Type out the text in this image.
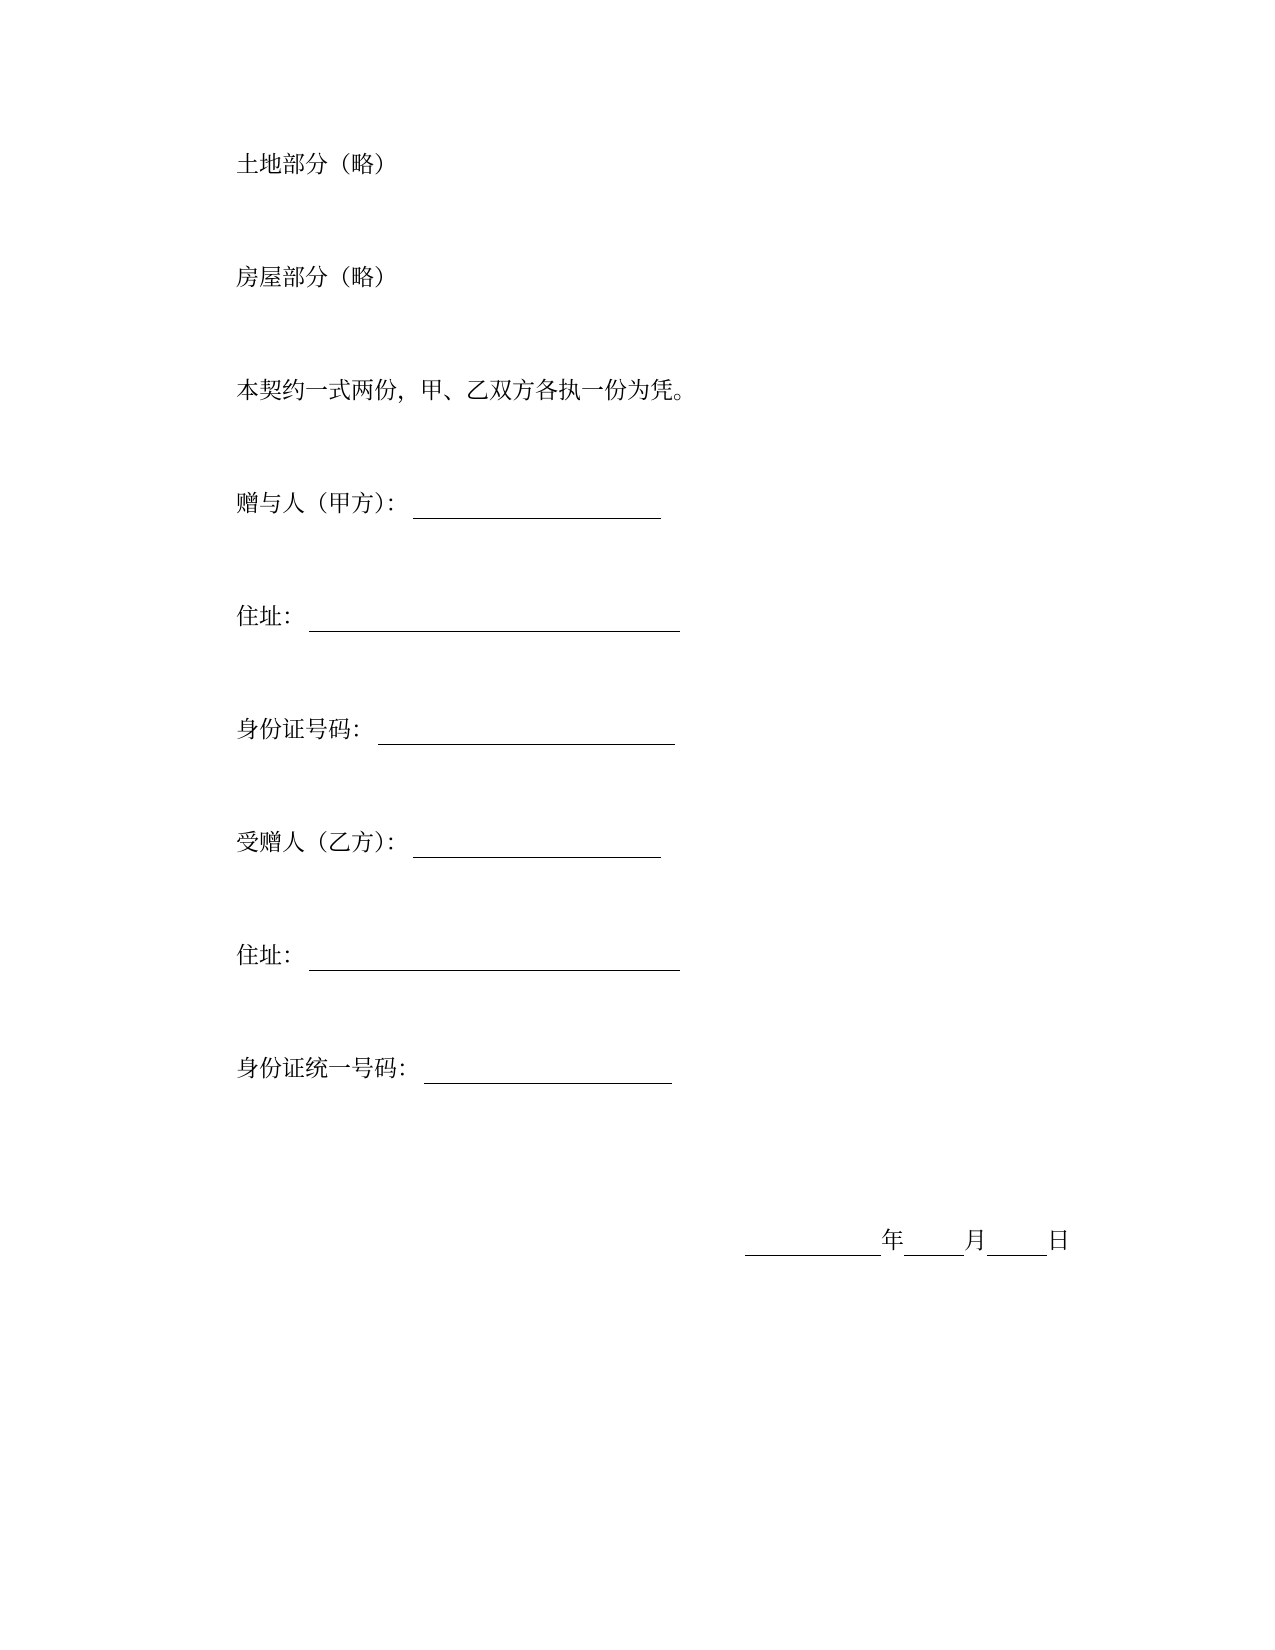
土地部分（略）
房屋部分（略）
本契约一式两份，甲、乙双方各执一份为凭。
赠与人（甲方）：
住址：
身份证号码：
受赠人（乙方）：
住址：
身份证统一号码：
年	月	日
